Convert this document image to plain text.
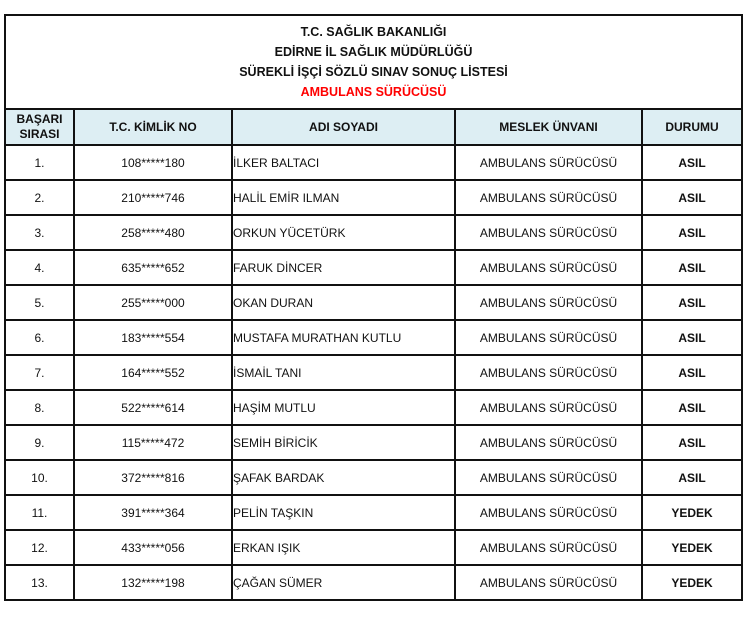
T.C. SAĞLIK BAKANLIĞI
EDİRNE İL SAĞLIK MÜDÜRLÜĞÜ
SÜREKLİ İŞÇİ SÖZLÜ SINAV SONUÇ LİSTESİ
AMBULANS SÜRÜCÜSÜ				

BAŞARI
SIRASI	T.C. KİMLİK NO	ADI SOYADI	MESLEK ÜNVANI	DURUMU
1.	108*****180	İLKER BALTACI	AMBULANS SÜRÜCÜSÜ	ASIL
2.	210*****746	HALİL EMİR ILMAN	AMBULANS SÜRÜCÜSÜ	ASIL
3.	258*****480	ORKUN YÜCETÜRK	AMBULANS SÜRÜCÜSÜ	ASIL
4.	635*****652	FARUK DİNCER	AMBULANS SÜRÜCÜSÜ	ASIL
5.	255*****000	OKAN DURAN	AMBULANS SÜRÜCÜSÜ	ASIL
6.	183*****554	MUSTAFA MURATHAN KUTLU	AMBULANS SÜRÜCÜSÜ	ASIL
7.	164*****552	İSMAİL TANI	AMBULANS SÜRÜCÜSÜ	ASIL
8.	522*****614	HAŞİM MUTLU	AMBULANS SÜRÜCÜSÜ	ASIL
9.	115*****472	SEMİH BİRİCİK	AMBULANS SÜRÜCÜSÜ	ASIL
10.	372*****816	ŞAFAK BARDAK	AMBULANS SÜRÜCÜSÜ	ASIL
11.	391*****364	PELİN TAŞKIN	AMBULANS SÜRÜCÜSÜ	YEDEK
12.	433*****056	ERKAN IŞIK	AMBULANS SÜRÜCÜSÜ	YEDEK
13.	132*****198	ÇAĞAN SÜMER	AMBULANS SÜRÜCÜSÜ	YEDEK
